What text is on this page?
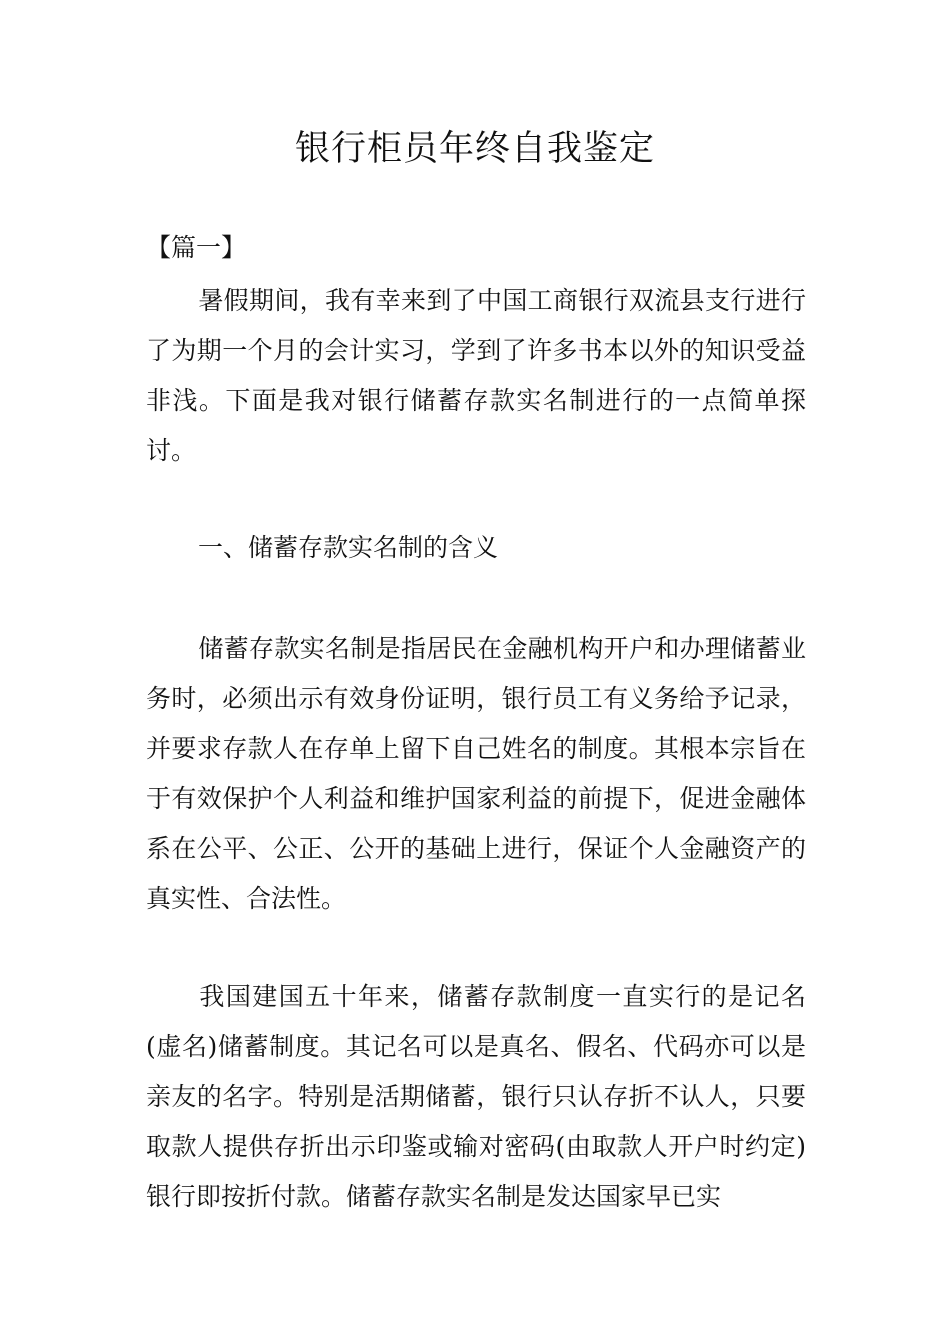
银行柜员年终自我鉴定
【篇一】

暑假期间，我有幸来到了中国工商银行双流县支行进行了为期一个月的会计实习，学到了许多书本以外的知识受益非浅。下面是我对银行储蓄存款实名制进行的一点简单探讨。

一、储蓄存款实名制的含义

储蓄存款实名制是指居民在金融机构开户和办理储蓄业务时，必须出示有效身份证明，银行员工有义务给予记录，并要求存款人在存单上留下自己姓名的制度。其根本宗旨在于有效保护个人利益和维护国家利益的前提下，促进金融体系在公平、公正、公开的基础上进行，保证个人金融资产的真实性、合法性。

我国建国五十年来，储蓄存款制度一直实行的是记名(虚名)储蓄制度。其记名可以是真名、假名、代码亦可以是亲友的名字。特别是活期储蓄，银行只认存折不认人，只要取款人提供存折出示印鉴或输对密码(由取款人开户时约定)银行即按折付款。储蓄存款实名制是发达国家早已实
